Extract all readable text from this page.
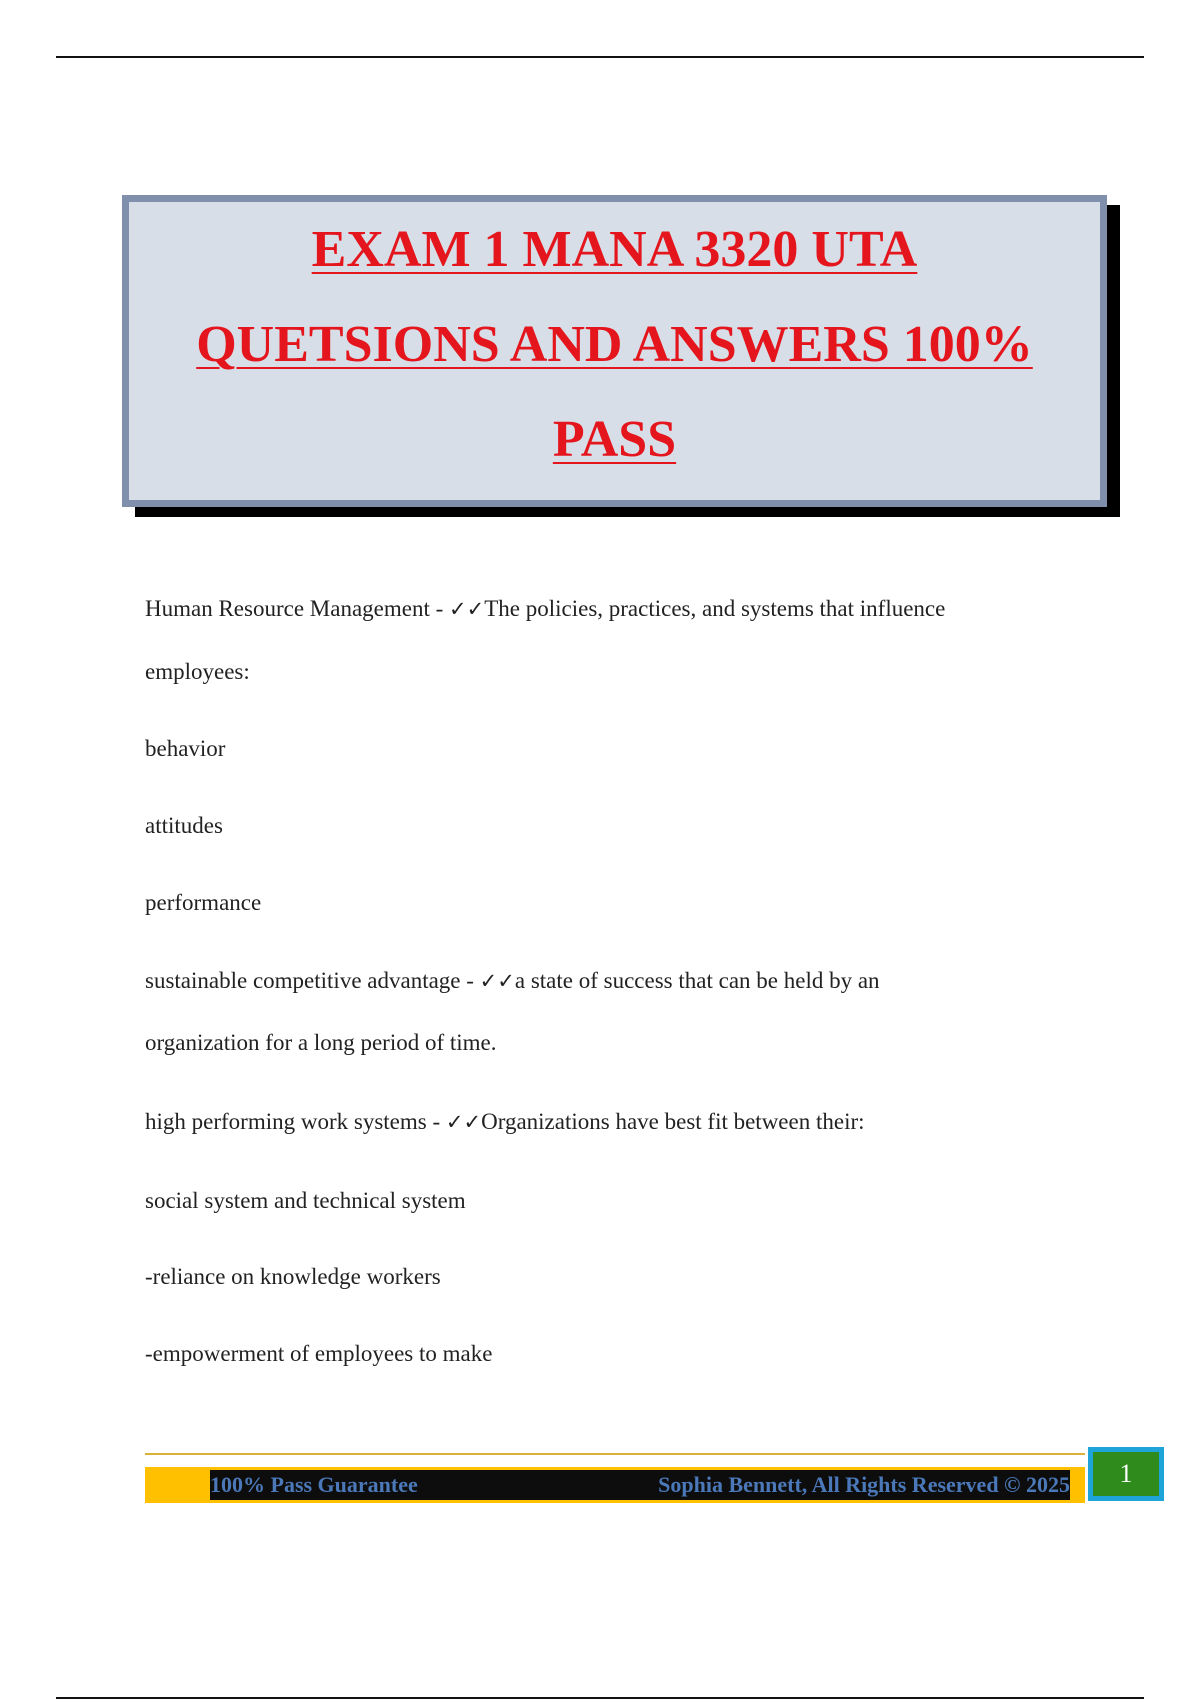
EXAM 1 MANA 3320 UTA
QUETSIONS AND ANSWERS 100%
PASS
Human Resource Management - ✓✓The policies, practices, and systems that influence
employees:
behavior
attitudes
performance
sustainable competitive advantage - ✓✓a state of success that can be held by an
organization for a long period of time.
high performing work systems - ✓✓Organizations have best fit between their:
social system and technical system
-reliance on knowledge workers
-empowerment of employees to make
100% Pass Guarantee	Sophia Bennett, All Rights Reserved © 2025	1
